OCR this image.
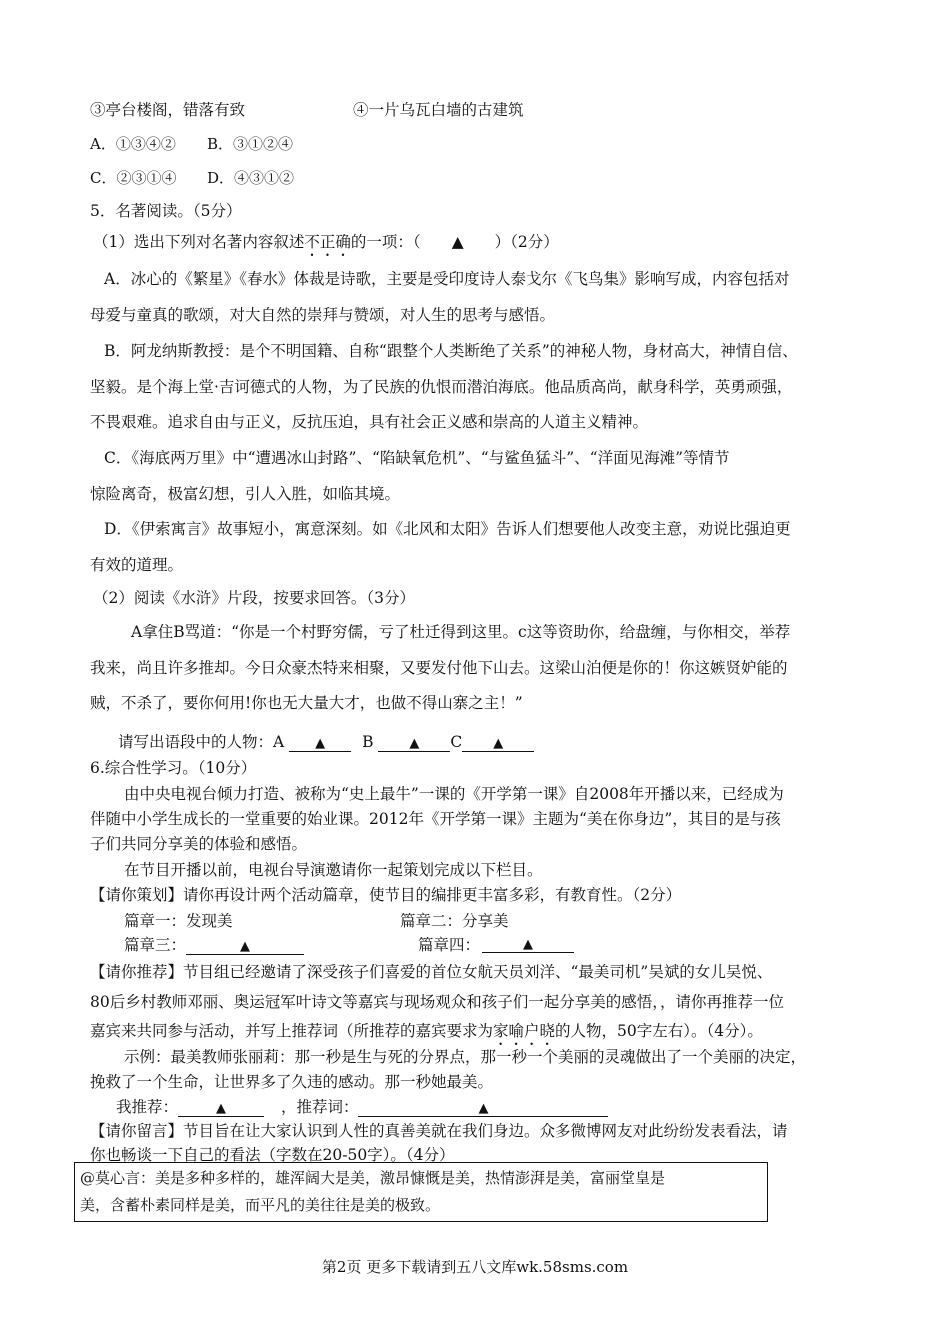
③亭台楼阁，错落有致	④一片乌瓦白墙的古建筑
A．①③④② B．③①②④
C．②③①④ D．④③①②
5．名著阅读。（5分）
（1）选出下列对名著内容叙述不正确的一项：（ ▲ ）（2分）
A．冰心的《繁星》《春水》体裁是诗歌，主要是受印度诗人泰戈尔《飞鸟集》影响写成，内容包括对
母爱与童真的歌颂，对大自然的崇拜与赞颂，对人生的思考与感悟。
B．阿龙纳斯教授：是个不明国籍、自称“跟整个人类断绝了关系”的神秘人物，身材高大，神情自信、
坚毅。是个海上堂·吉诃德式的人物，为了民族的仇恨而潜泊海底。他品质高尚，献身科学，英勇顽强，
不畏艰难。追求自由与正义，反抗压迫，具有社会正义感和崇高的人道主义精神。
C．《海底两万里》中“遭遇冰山封路”、“陷缺氧危机”、“与鲨鱼猛斗”、“洋面见海滩”等情节
惊险离奇，极富幻想，引人入胜，如临其境。
D．《伊索寓言》故事短小，寓意深刻。如《北风和太阳》告诉人们想要他人改变主意，劝说比强迫更
有效的道理。
（2）阅读《水浒》片段，按要求回答。（3分）
A拿住B骂道：“你是一个村野穷儒，亏了杜迁得到这里。c这等资助你，给盘缠，与你相交，举荐
我来，尚且许多推却。今日众豪杰特来相聚，又要发付他下山去。这梁山泊便是你的！你这嫉贤妒能的
贼，不杀了，要你何用!你也无大量大才，也做不得山寨之主！”
请写出语段中的人物：A ▲ B	▲ C ▲
6.综合性学习。（10分）
由中央电视台倾力打造、被称为“史上最牛”一课的《开学第一课》自2008年开播以来，已经成为
伴随中小学生成长的一堂重要的始业课。2012年《开学第一课》主题为“美在你身边”，其目的是与孩
子们共同分享美的体验和感悟。
在节目开播以前，电视台导演邀请你一起策划完成以下栏目。
【请你策划】请你再设计两个活动篇章，使节目的编排更丰富多彩，有教育性。（2分）
篇章一：发现美	篇章二：分享美
篇章三：	▲	篇章四：	▲
【请你推荐】节目组已经邀请了深受孩子们喜爱的首位女航天员刘洋、“最美司机”吴斌的女儿吴悦、
80后乡村教师邓丽、奥运冠军叶诗文等嘉宾与现场观众和孩子们一起分享美的感悟，，请你再推荐一位
嘉宾来共同参与活动，并写上推荐词（所推荐的嘉宾要求为家喻户晓的人物，50字左右）。（4分）。
示例：最美教师张丽莉：那一秒是生与死的分界点，那一秒一个美丽的灵魂做出了一个美丽的决定，
挽救了一个生命，让世界多了久违的感动。那一秒她最美。
我推荐：	▲	，推荐词：	▲
【请你留言】节目旨在让大家认识到人性的真善美就在我们身边。众多微博网友对此纷纷发表看法，请
你也畅谈一下自己的看法（字数在20-50字）。（4分）
@莫心言：美是多种多样的，雄浑阔大是美，激昂慷慨是美，热情澎湃是美，富丽堂皇是
美，含蓄朴素同样是美，而平凡的美往往是美的极致。
第2页 更多下载请到五八文库wk.58sms.com
